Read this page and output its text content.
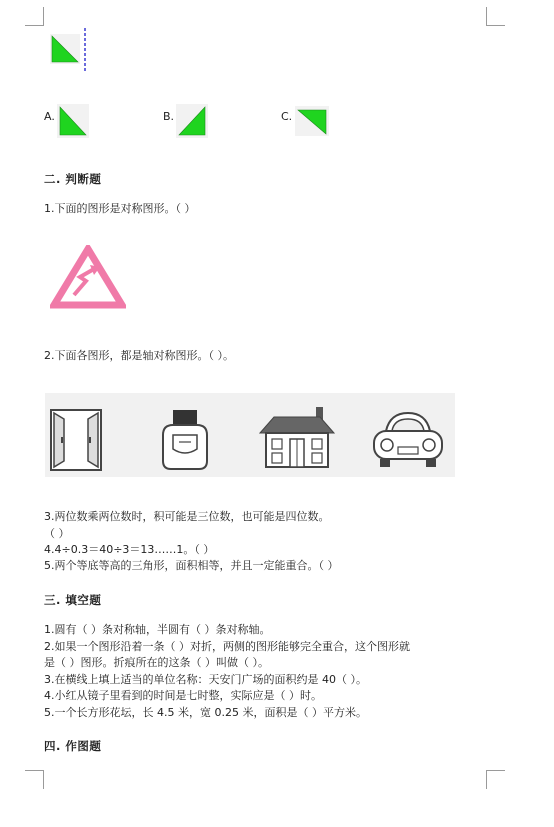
A.	B.	C.
二. 判断题
1.下面的图形是对称图形。（ ）
2.下面各图形，都是轴对称图形。（ ）。
3.两位数乘两位数时，积可能是三位数，也可能是四位数。
（ ）
4.4÷0.3＝40÷3＝13……1。（ ）
5.两个等底等高的三角形，面积相等，并且一定能重合。（ ）
三. 填空题
1.圆有（ ）条对称轴，半圆有（ ）条对称轴。
2.如果一个图形沿着一条（ ）对折，两侧的图形能够完全重合，这个图形就
是（ ）图形。折痕所在的这条（ ）叫做（ ）。
3.在横线上填上适当的单位名称：天安门广场的面积约是 40（ ）。
4.小红从镜子里看到的时间是七时整，实际应是（ ）时。
5.一个长方形花坛，长 4.5 米，宽 0.25 米，面积是（ ）平方米。
四. 作图题
